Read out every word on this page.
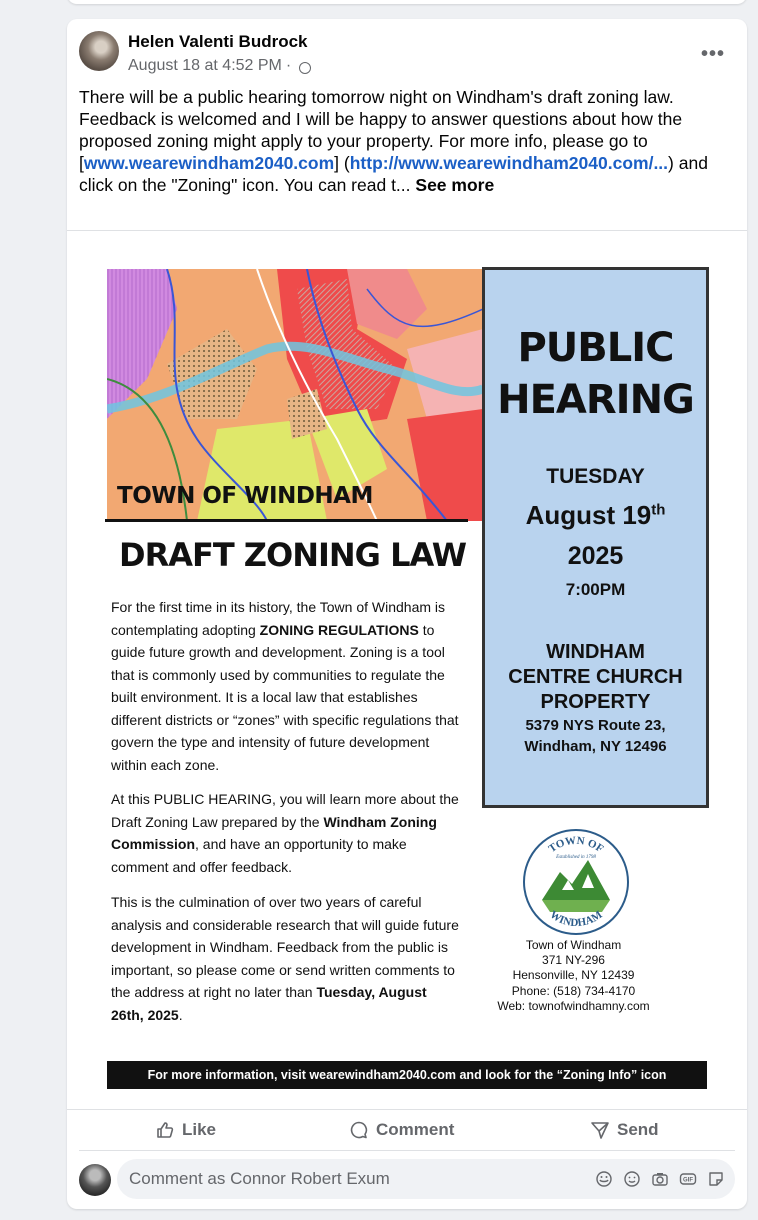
Helen Valenti Budrock
August 18 at 4:52 PM ·
•••
There will be a public hearing tomorrow night on Windham's draft zoning law. Feedback is welcomed and I will be happy to answer questions about how the proposed zoning might apply to your property. For more info, please go to [www.wearewindham2040.com] (http://www.wearewindham2040.com/...) and click on the "Zoning" icon. You can read t... See more
TOWN OF WINDHAM
DRAFT ZONING LAW
For the first time in its history, the Town of Windham is contemplating adopting ZONING REGULATIONS to guide future growth and development. Zoning is a tool that is commonly used by communities to regulate the built environment. It is a local law that establishes different districts or “zones” with specific regulations that govern the type and intensity of future development within each zone.
At this PUBLIC HEARING, you will learn more about the Draft Zoning Law prepared by the Windham Zoning Commission, and have an opportunity to make comment and offer feedback.
This is the culmination of over two years of careful analysis and considerable research that will guide future development in Windham. Feedback from the public is important, so please come or send written comments to the address at right no later than Tuesday, August 26th, 2025.
PUBLIC
HEARING
TUESDAY
August 19th
2025
7:00PM
WINDHAM
CENTRE CHURCH
PROPERTY
5379 NYS Route 23,
Windham, NY 12496
TOWN OF
Established in 1798
WINDHAM
Town of Windham
371 NY-296
Hensonville, NY 12439
Phone: (518) 734-4170
Web: townofwindhamny.com
For more information, visit wearewindham2040.com and look for the “Zoning Info” icon
Like	Comment	Send
Comment as Connor Robert Exum	GIF
